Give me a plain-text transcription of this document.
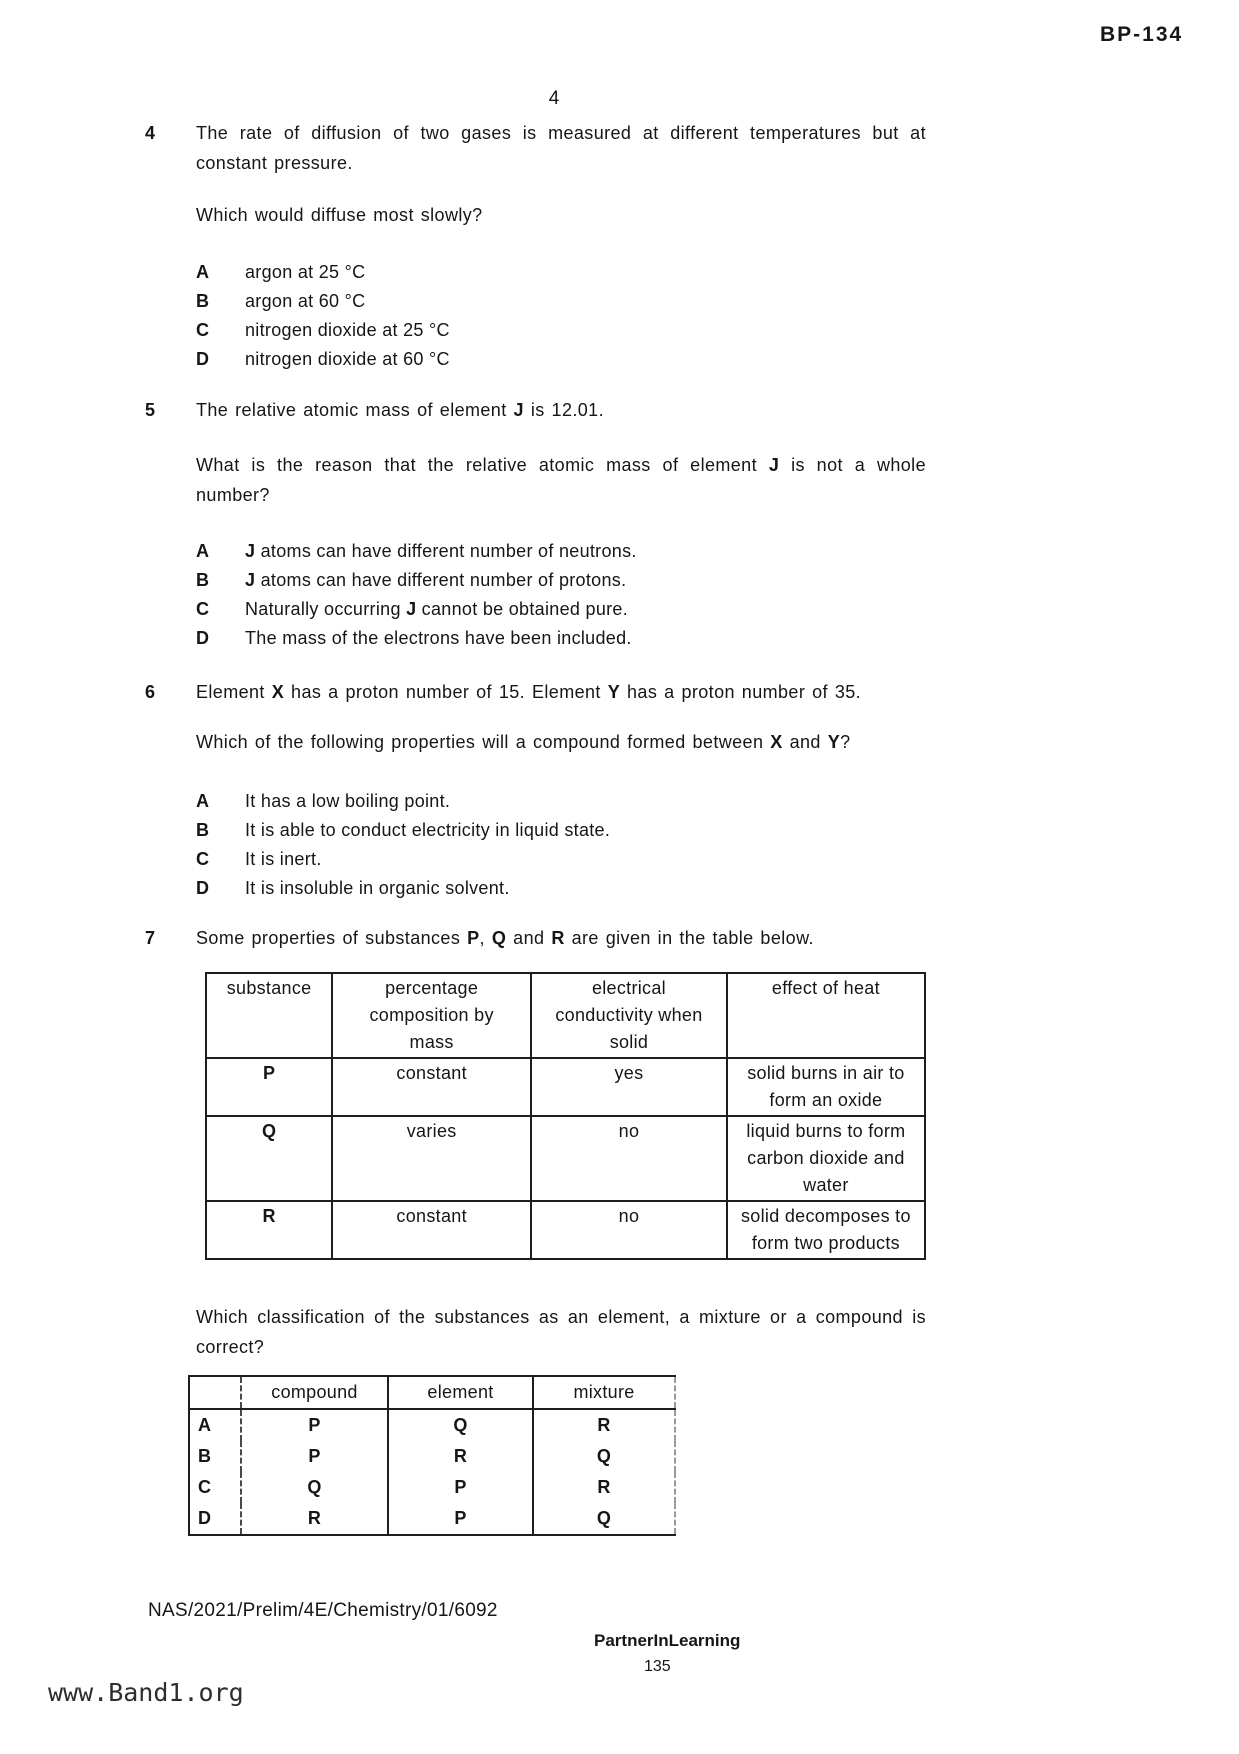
BP-134
4
4	The rate of diffusion of two gases is measured at different temperatures but at constant pressure.

Which would diffuse most slowly?

A	argon at 25 °C
B	argon at 60 °C
C	nitrogen dioxide at 25 °C
D	nitrogen dioxide at 60 °C
5	The relative atomic mass of element J is 12.01.

What is the reason that the relative atomic mass of element J is not a whole number?

A	J atoms can have different number of neutrons.
B	J atoms can have different number of protons.
C	Naturally occurring J cannot be obtained pure.
D	The mass of the electrons have been included.
6	Element X has a proton number of 15. Element Y has a proton number of 35.

Which of the following properties will a compound formed between X and Y?

A	It has a low boiling point.
B	It is able to conduct electricity in liquid state.
C	It is inert.
D	It is insoluble in organic solvent.
7	Some properties of substances P, Q and R are given in the table below.

substance	percentage composition by mass	electrical conductivity when solid	effect of heat
P	constant	yes	solid burns in air to form an oxide
Q	varies	no	liquid burns to form carbon dioxide and water
R	constant	no	solid decomposes to form two products

Which classification of the substances as an element, a mixture or a compound is correct?

	compound	element	mixture
A	P	Q	R
B	P	R	Q
C	Q	P	R
D	R	P	Q
NAS/2021/Prelim/4E/Chemistry/01/6092
PartnerInLearning
135
www.Band1.org
